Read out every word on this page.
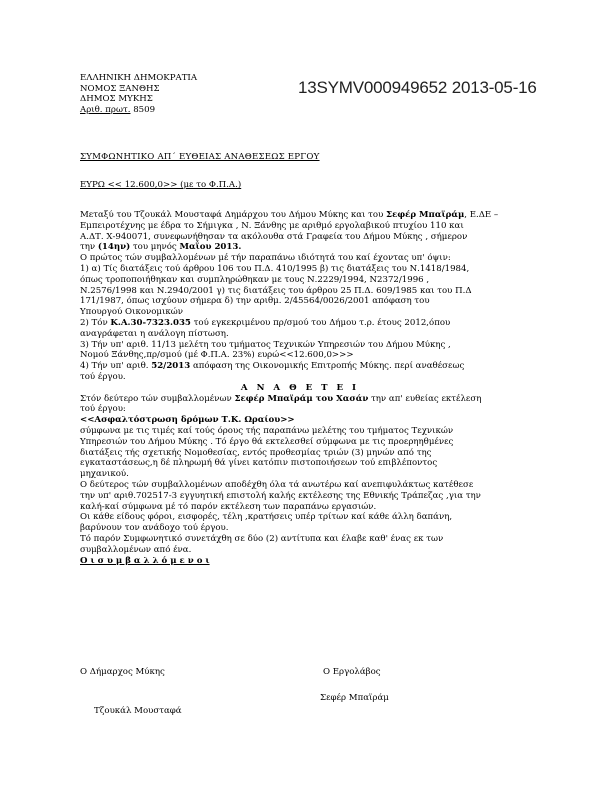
ΕΛΛΗΝΙΚΗ ΔΗΜΟΚΡΑΤΙΑ
ΝΟΜΟΣ ΞΑΝΘΗΣ
ΔΗΜΟΣ ΜΥΚΗΣ
Αριθ. πρωτ. 8509
13SYMV000949652 2013-05-16
ΣΥΜΦΩΝΗΤΙΚΟ ΑΠ΄ ΕΥΘΕΙΑΣ ΑΝΑΘΕΣΕΩΣ ΕΡΓΟΥ
ΕΥΡΩ << 12.600,0>> (με το Φ.Π.Α.)

Μεταξύ του Τζουκάλ Μουσταφά Δημάρχου του Δήμου Μύκης και του Σεφέρ Μπαϊράμ, Ε.ΔΕ –

Εμπειροτέχνης με έδρα το Σήμιγκα , Ν. Ξάνθης με αριθμό εργολαβικού πτυχίου 110 και

Α.ΔΤ. Χ-940071, συνεφωνήθησαν τα ακόλουθα στά Γραφεία του Δήμου Μύκης , σήμερον

την (14ην) του μηνός Μαΐου 2013.

Ο πρώτος τών συμβαλλομένων μέ τήν παραπάνω ιδιότητά του καί έχοντας υπ' όψιν:

1) α) Τίς διατάξεις τού άρθρου 106 του Π.Δ. 410/1995 β) τις διατάξεις του Ν.1418/1984,

όπως τροποποιήθηκαν και συμπληρώθηκαν με τους Ν.2229/1994, Ν2372/1996 ,

Ν.2576/1998 και Ν.2940/2001 γ) τις διατάξεις του άρθρου 25 Π.Δ. 609/1985 και του Π.Δ

171/1987, όπως ισχύουν σήμερα δ) την αριθμ. 2/45564/0026/2001 απόφαση του

Υπουργού Οικονομικών

2) Τόν Κ.Α.30-7323.035 τού εγκεκριμένου πρ/σμού του Δήμου τ.ρ. έτους 2012,όπου

αναγράφεται η ανάλογη πίστωση.

3) Τήν υπ' αριθ. 11/13 μελέτη του τμήματος Τεχνικών Υπηρεσιών του Δήμου Μύκης ,

Νομού Ξάνθης,πρ/σμού (μέ Φ.Π.Α. 23%) ευρώ<<12.600,0>>>

4) Τήν υπ' αριθ. 52/2013 απόφαση της Οικονομικής Επιτροπής Μύκης. περί αναθέσεως

τού έργου.

Α Ν Α Θ Ε Τ Ε Ι

Στόν δεύτερο τών συμβαλλομένων Σεφέρ Μπαϊράμ του Χασάν την απ' ευθείας εκτέλεση

τού έργου:

<<Ασφαλτόστρωση δρόμων Τ.Κ. Ωραίου>>

σύμφωνα με τις τιμές καί τούς όρους τής παραπάνω μελέτης του τμήματος Τεχνικών

Υπηρεσιών του Δήμου Μύκης . Τό έργο θά εκτελεσθεί σύμφωνα με τις προερηηθμένες

διατάξεις τής σχετικής Νομοθεσίας, εντός προθεσμίας τριών (3) μηνών από της

εγκαταστάσεως,η δέ πληρωμή θά γίνει κατόπιν πιστοποιήσεων τού επιβλέποντος

μηχανικού.

Ο δεύτερος τών συμβαλλομένων αποδέχθη όλα τά ανωτέρω καί ανεπιφυλάκτως κατέθεσε

την υπ' αριθ.702517-3 εγγυητική επιστολή καλής εκτέλεσης της Εθνικής Τράπεζας ,για την

καλή-καί σύμφωνα μέ τό παρόν εκτέλεση των παραπάνω εργασιών.

Οι κάθε είδους φόροι, εισφορές, τέλη ,κρατήσεις υπέρ τρίτων καί κάθε άλλη δαπάνη,

βαρύνουν τον ανάδοχο τού έργου.

Τό παρόν Συμφωνητικό συνετάχθη σε δύο (2) αντίτυπα και έλαβε καθ' ένας εκ των

συμβαλλομένων από ένα.

Ο ι σ υ μ β α λ λ ό μ ε ν ο ι

Ο Δήμαρχος Μύκης	Ο Εργολάβος
Σεφέρ Μπαϊράμ
Τζουκάλ Μουσταφά
